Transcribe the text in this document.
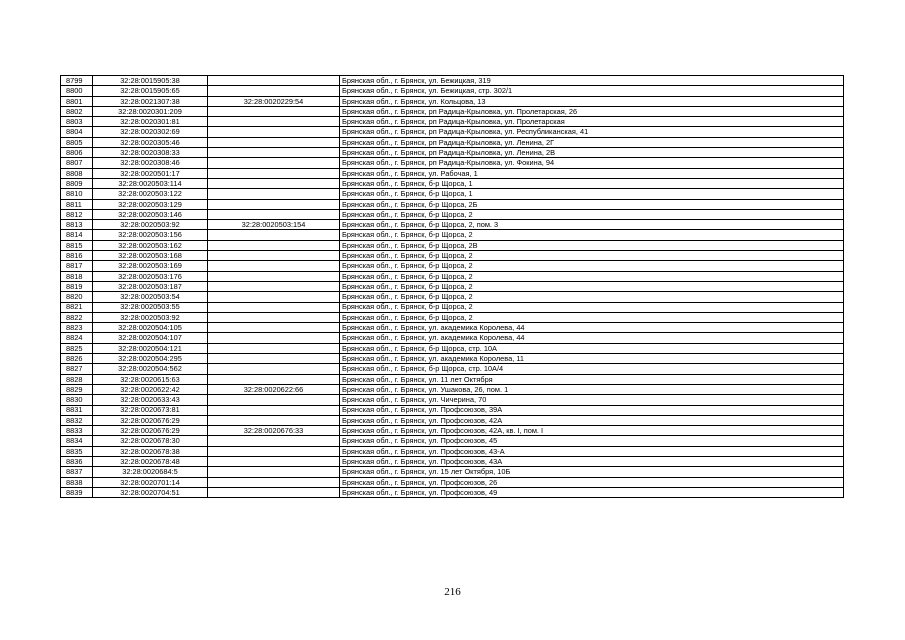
8799	32:28:0015905:38		Брянская обл., г. Брянск, ул. Бежицкая, 319
8800	32:28:0015905:65		Брянская обл., г. Брянск, ул. Бежицкая, стр. 302/1
8801	32:28:0021307:38	32:28:0020229:54	Брянская обл., г. Брянск, ул. Кольцова, 13
8802	32:28:0020301:209		Брянская обл., г. Брянск, рп Радица-Крыловка, ул. Пролетарская, 26
8803	32:28:0020301:81		Брянская обл., г. Брянск, рп Радица-Крыловка, ул. Пролетарская
8804	32:28:0020302:69		Брянская обл., г. Брянск, рп Радица-Крыловка, ул. Республиканская, 41
8805	32:28:0020305:46		Брянская обл., г. Брянск, рп Радица-Крыловка, ул. Ленина, 2Г
8806	32:28:0020308:33		Брянская обл., г. Брянск, рп Радица-Крыловка, ул. Ленина, 2В
8807	32:28:0020308:46		Брянская обл., г. Брянск, рп Радица-Крыловка, ул. Фокина, 94
8808	32:28:0020501:17		Брянская обл., г. Брянск, ул. Рабочая, 1
8809	32:28:0020503:114		Брянская обл., г. Брянск, б-р Щорса, 1
8810	32:28:0020503:122		Брянская обл., г. Брянск, б-р Щорса, 1
8811	32:28:0020503:129		Брянская обл., г. Брянск, б-р Щорса, 2Б
8812	32:28:0020503:146		Брянская обл., г. Брянск, б-р Щорса, 2
8813	32:28:0020503:92	32:28:0020503:154	Брянская обл., г. Брянск, б-р Щорса, 2, пом. 3
8814	32:28:0020503:156		Брянская обл., г. Брянск, б-р Щорса, 2
8815	32:28:0020503:162		Брянская обл., г. Брянск, б-р Щорса, 2В
8816	32:28:0020503:168		Брянская обл., г. Брянск, б-р Щорса, 2
8817	32:28:0020503:169		Брянская обл., г. Брянск, б-р Щорса, 2
8818	32:28:0020503:176		Брянская обл., г. Брянск, б-р Щорса, 2
8819	32:28:0020503:187		Брянская обл., г. Брянск, б-р Щорса, 2
8820	32:28:0020503:54		Брянская обл., г. Брянск, б-р Щорса, 2
8821	32:28:0020503:55		Брянская обл., г. Брянск, б-р Щорса, 2
8822	32:28:0020503:92		Брянская обл., г. Брянск, б-р Щорса, 2
8823	32:28:0020504:105		Брянская обл., г. Брянск, ул. академика Королева, 44
8824	32:28:0020504:107		Брянская обл., г. Брянск, ул. академика Королева, 44
8825	32:28:0020504:121		Брянская обл., г. Брянск, б-р Щорса, стр. 10А
8826	32:28:0020504:295		Брянская обл., г. Брянск, ул. академика Королева, 11
8827	32:28:0020504:562		Брянская обл., г. Брянск, б-р Щорса, стр. 10А/4
8828	32:28:0020615:63		Брянская обл., г. Брянск, ул. 11 лет Октября
8829	32:28:0020622:42	32:28:0020622:66	Брянская обл., г. Брянск, ул. Ушакова, 26, пом. 1
8830	32:28:0020633:43		Брянская обл., г. Брянск, ул. Чичерина, 70
8831	32:28:0020673:81		Брянская обл., г. Брянск, ул. Профсоюзов, 39А
8832	32:28:0020676:29		Брянская обл., г. Брянск, ул. Профсоюзов, 42А
8833	32:28:0020676:29	32:28:0020676:33	Брянская обл., г. Брянск, ул. Профсоюзов, 42А, кв. I, пом. I
8834	32:28:0020678:30		Брянская обл., г. Брянск, ул. Профсоюзов, 45
8835	32:28:0020678:38		Брянская обл., г. Брянск, ул. Профсоюзов, 43-А
8836	32:28:0020678:48		Брянская обл., г. Брянск, ул. Профсоюзов, 43А
8837	32:28:0020684:5		Брянская обл., г. Брянск, ул. 15 лет Октября, 10Б
8838	32:28:0020701:14		Брянская обл., г. Брянск, ул. Профсоюзов, 26
8839	32:28:0020704:51		Брянская обл., г. Брянск, ул. Профсоюзов, 49
216
